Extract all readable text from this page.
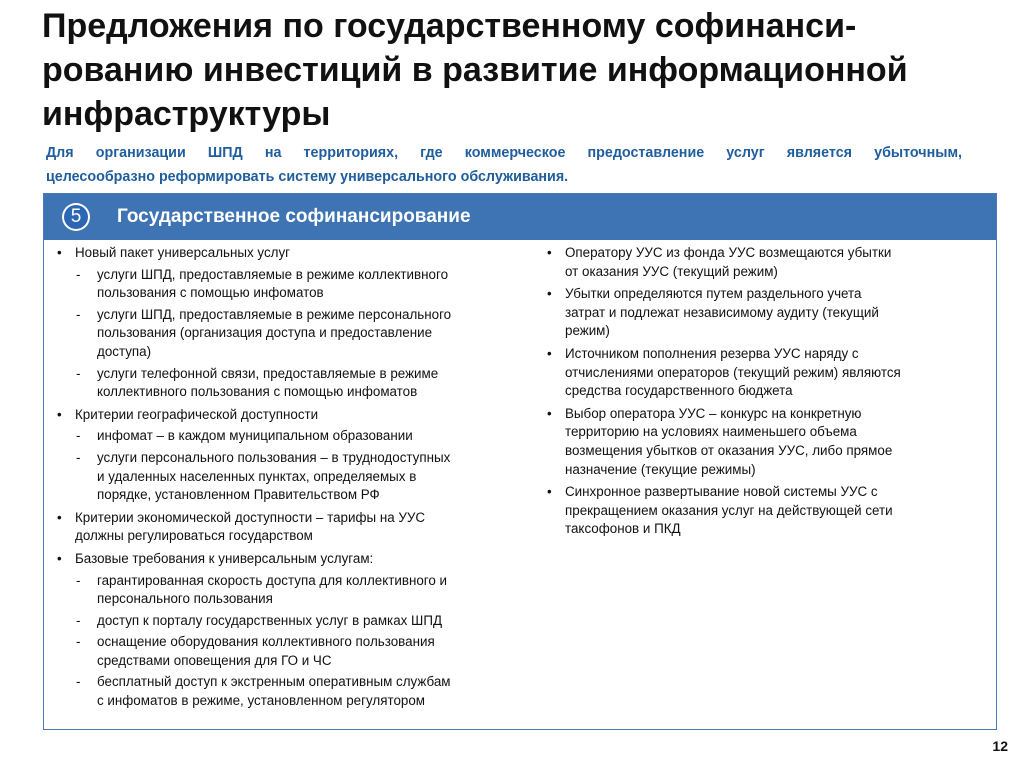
Предложения по государственному софинанси-
рованию инвестиций в развитие информационной
инфраструктуры
Для организации ШПД на территориях, где коммерческое предоставление услуг является убыточным,
целесообразно реформировать систему универсального обслуживания.
5	Государственное софинансирование
• Новый пакет универсальных услуг
- услуги ШПД, предоставляемые в режиме коллективного
пользования с помощью инфоматов
- услуги ШПД, предоставляемые в режиме персонального
пользования (организация доступа и предоставление
доступа)
- услуги телефонной связи, предоставляемые в режиме
коллективного пользования с помощью инфоматов
• Критерии географической доступности
- инфомат – в каждом муниципальном образовании
- услуги персонального пользования – в труднодоступных
и удаленных населенных пунктах, определяемых в
порядке, установленном Правительством РФ
• Критерии экономической доступности – тарифы на УУС
должны регулироваться государством
• Базовые требования к универсальным услугам:
- гарантированная скорость доступа для коллективного и
персонального пользования
- доступ к порталу государственных услуг в рамках ШПД
- оснащение оборудования коллективного пользования
средствами оповещения для ГО и ЧС
- бесплатный доступ к экстренным оперативным службам
с инфоматов в режиме, установленном регулятором
• Оператору УУС из фонда УУС возмещаются убытки
от оказания УУС (текущий режим)
• Убытки определяются путем раздельного учета
затрат и подлежат независимому аудиту (текущий
режим)
• Источником пополнения резерва УУС наряду с
отчислениями операторов (текущий режим) являются
средства государственного бюджета
• Выбор оператора УУС – конкурс на конкретную
территорию на условиях наименьшего объема
возмещения убытков от оказания УУС, либо прямое
назначение (текущие режимы)
• Синхронное развертывание новой системы УУС с
прекращением оказания услуг на действующей сети
таксофонов и ПКД
12
